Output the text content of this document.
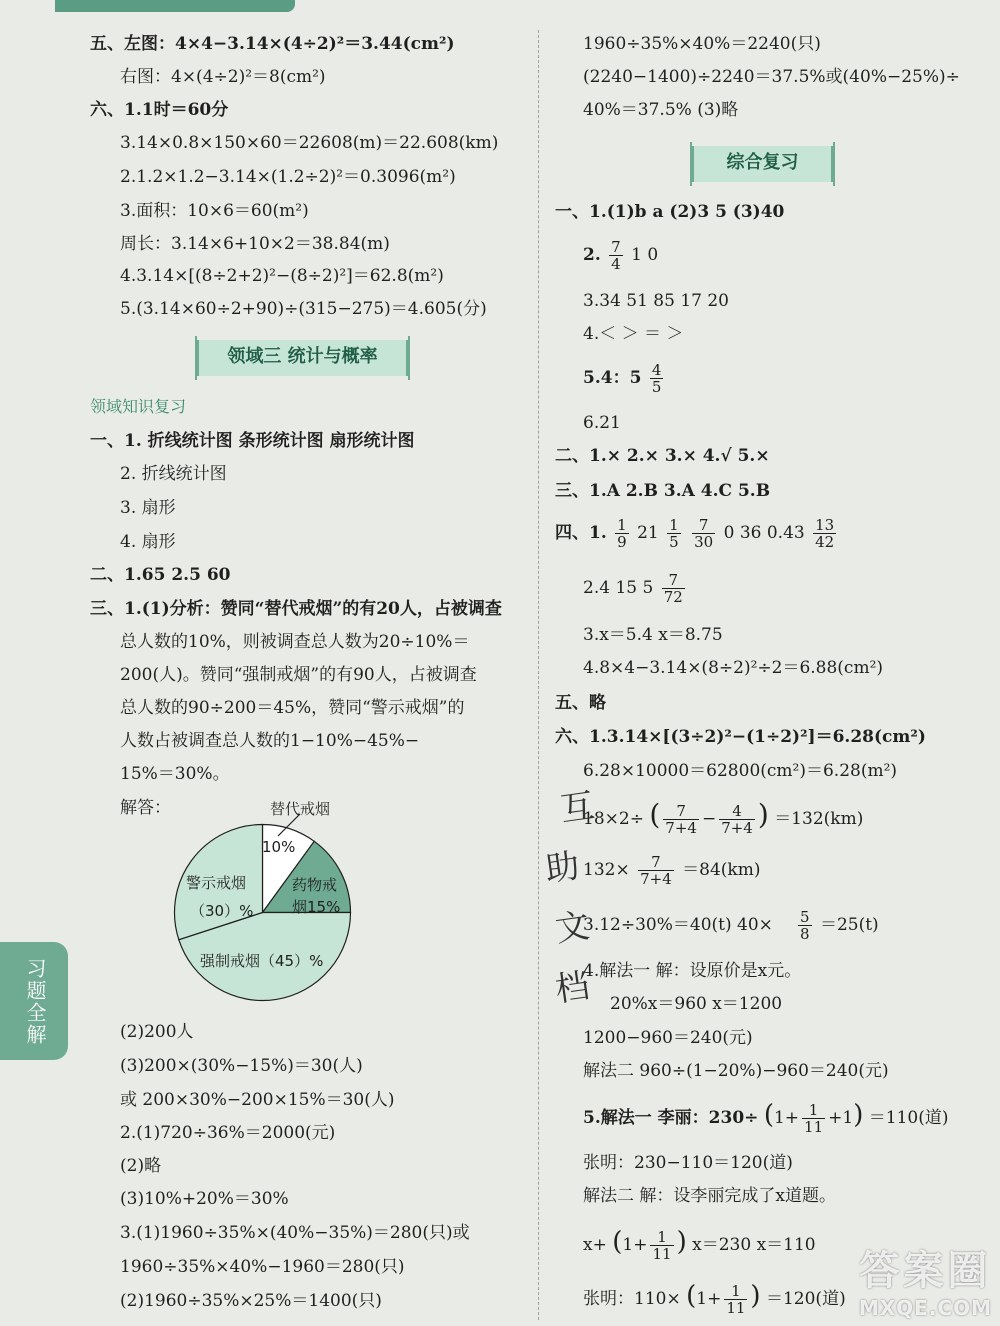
五、左图：4×4−3.14×(4÷2)²＝3.44(cm²)
右图：4×(4÷2)²＝8(cm²)
六、1.1时＝60分
3.14×0.8×150×60＝22608(m)＝22.608(km)
2.1.2×1.2−3.14×(1.2÷2)²＝0.3096(m²)
3.面积：10×6＝60(m²)
周长：3.14×6+10×2＝38.84(m)
4.3.14×[(8÷2+2)²−(8÷2)²]＝62.8(m²)
5.(3.14×60÷2+90)÷(315−275)＝4.605(分)
一、1. 折线统计图 条形统计图 扇形统计图
2. 折线统计图
3. 扇形
4. 扇形
二、1.65 2.5 60
三、1.(1)分析：赞同“替代戒烟”的有20人，占被调查
总人数的10%，则被调查总人数为20÷10%＝
200(人)。赞同“强制戒烟”的有90人，占被调查
总人数的90÷200＝45%，赞同“警示戒烟”的
人数占被调查总人数的1−10%−45%−
15%＝30%。
解答：
(2)200人
(3)200×(30%−15%)＝30(人)
或 200×30%−200×15%＝30(人)
2.(1)720÷36%＝2000(元)
(2)略
(3)10%+20%＝30%
3.(1)1960÷35%×(40%−35%)＝280(只)或
1960÷35%×40%−1960＝280(只)
(2)1960÷35%×25%＝1400(只)
领域三 统计与概率
领域知识复习
替代戒烟
10%
药物戒
烟15%
警示戒烟
（30）%
强制戒烟（45）%
1960÷35%×40%＝2240(只)
(2240−1400)÷2240＝37.5%或(40%−25%)÷
40%＝37.5% (3)略
一、1.(1)b a (2)3 5 (3)40
3.34 51 85 17 20
4.＜ ＞ ＝ ＞
6.21
二、1.× 2.× 3.× 4.√ 5.×
三、1.A 2.B 3.A 4.C 5.B
3.x＝5.4 x＝8.75
4.8×4−3.14×(8÷2)²÷2＝6.88(cm²)
五、略
六、1.3.14×[(3÷2)²−(1÷2)²]＝6.28(cm²)
6.28×10000＝62800(cm²)＝6.28(m²)
3.12÷30%＝40(t) 40×
4.解法一 解：设原价是x元。
20%x＝960 x＝1200
1200−960＝240(元)
解法二 960÷(1−20%)−960＝240(元)
张明：230−110＝120(道)
解法二 解：设李丽完成了x道题。
综合复习
2. $\frac{7}{4} 1$ 0
5.4：$5 \frac{4}{5}$
四、1. $\frac{1}{9} 21 \frac{1}{5}$
$\frac{7}{30} 0$ 36 $0.43 \frac{13}{42}$
2.4 15 $5 \frac{7}{72}$
18×2÷ ( $\frac{7}{7+4} - \frac{4}{7+4}$ ) ＝132(km)
$132\times \frac{7}{7+4} =84(km)$
$\frac{5}{8} =25(t)$
5.解法一 李丽：$230\div (1+ \frac{1}{11} +1) =110$(道)
$x+ (1+ \frac{1}{11}$ ) x＝230 x＝110
张明：$110\times (1+ \frac{1}{11}$ ) ＝120(道)
互
助
文
档
习题全解
答案圈
MXQE.COM
